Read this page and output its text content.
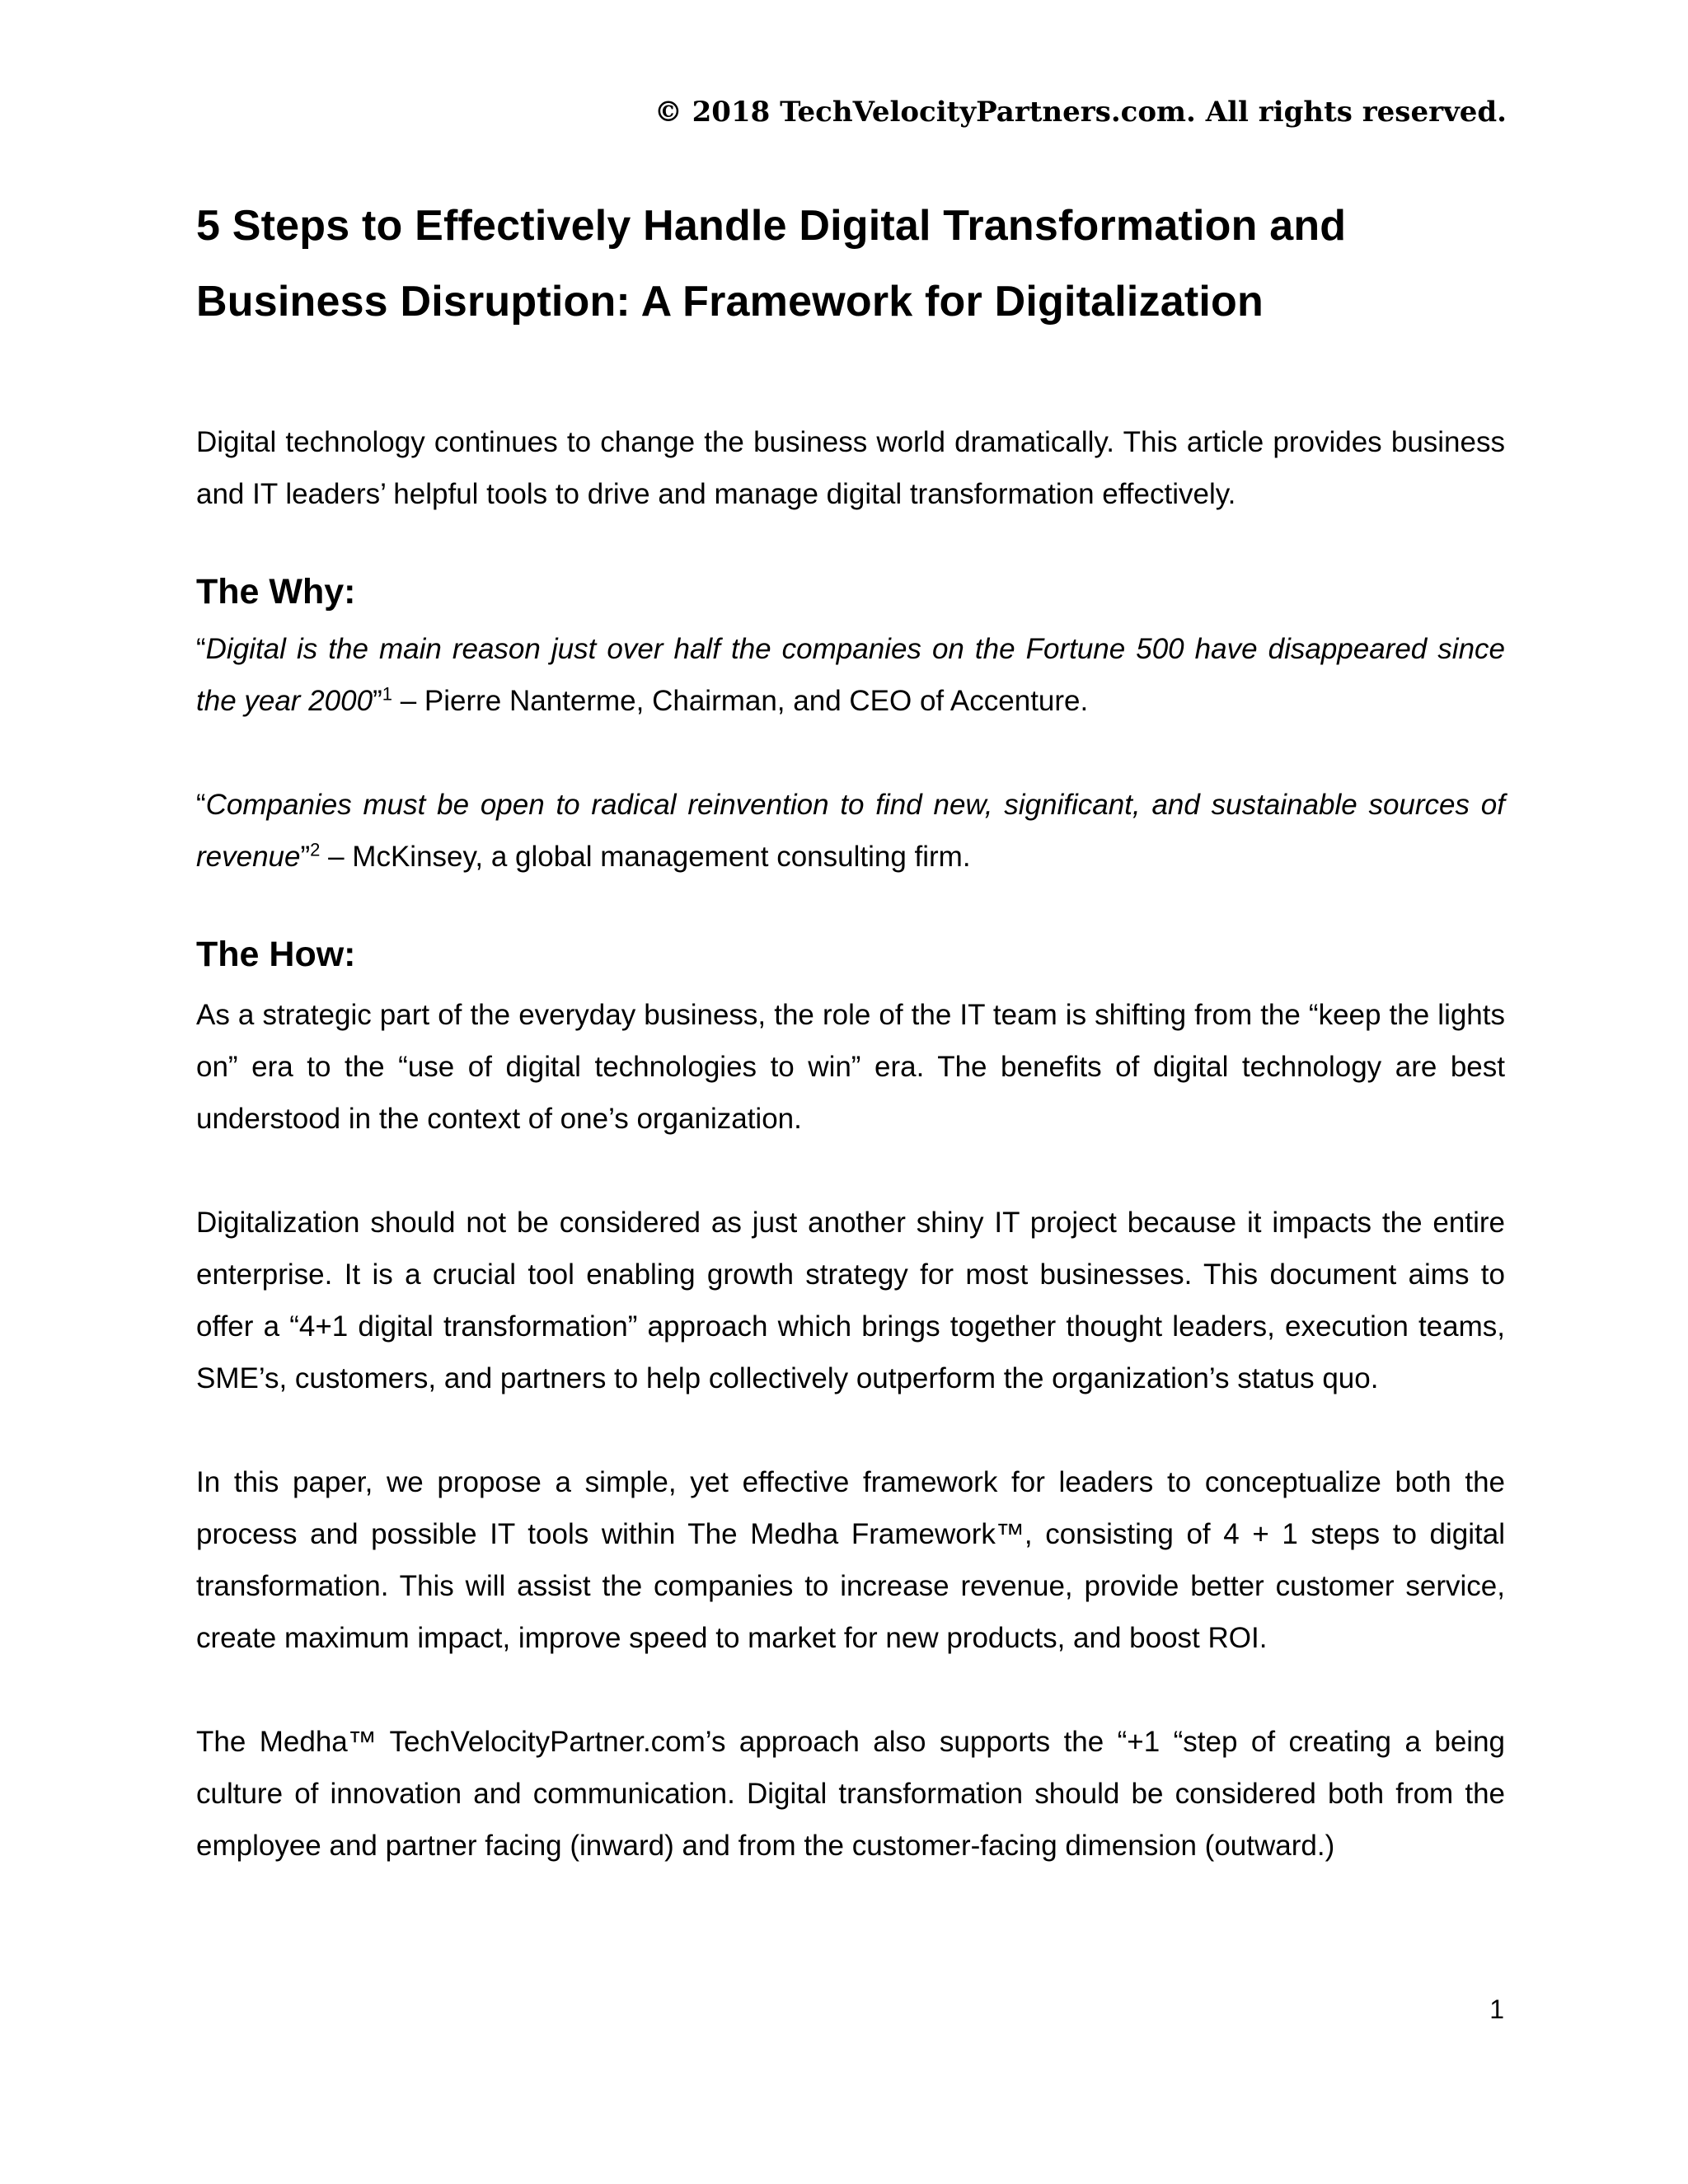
© 2018 TechVelocityPartners.com. All rights reserved.
5 Steps to Effectively Handle Digital Transformation and
Business Disruption: A Framework for Digitalization

Digital technology continues to change the business world dramatically. This article provides business and IT leaders’ helpful tools to drive and manage digital transformation effectively.

The Why:

“Digital is the main reason just over half the companies on the Fortune 500 have disappeared since the year 2000”$^1$ – Pierre Nanterme, Chairman, and CEO of Accenture.

“Companies must be open to radical reinvention to find new, significant, and sustainable sources of revenue”$^2$ – McKinsey, a global management consulting firm.

The How:

As a strategic part of the everyday business, the role of the IT team is shifting from the “keep the lights on” era to the “use of digital technologies to win” era. The benefits of digital technology are best understood in the context of one’s organization.

Digitalization should not be considered as just another shiny IT project because it impacts the entire enterprise. It is a crucial tool enabling growth strategy for most businesses. This document aims to offer a “4+1 digital transformation” approach which brings together thought leaders, execution teams, SME’s, customers, and partners to help collectively outperform the organization’s status quo.

In this paper, we propose a simple, yet effective framework for leaders to conceptualize both the process and possible IT tools within The Medha Framework™, consisting of 4 + 1 steps to digital transformation. This will assist the companies to increase revenue, provide better customer service, create maximum impact, improve speed to market for new products, and boost ROI.

The Medha™ TechVelocityPartner.com’s approach also supports the “+1 “step of creating a being culture of innovation and communication. Digital transformation should be considered both from the employee and partner facing (inward) and from the customer-facing dimension (outward.)

1
